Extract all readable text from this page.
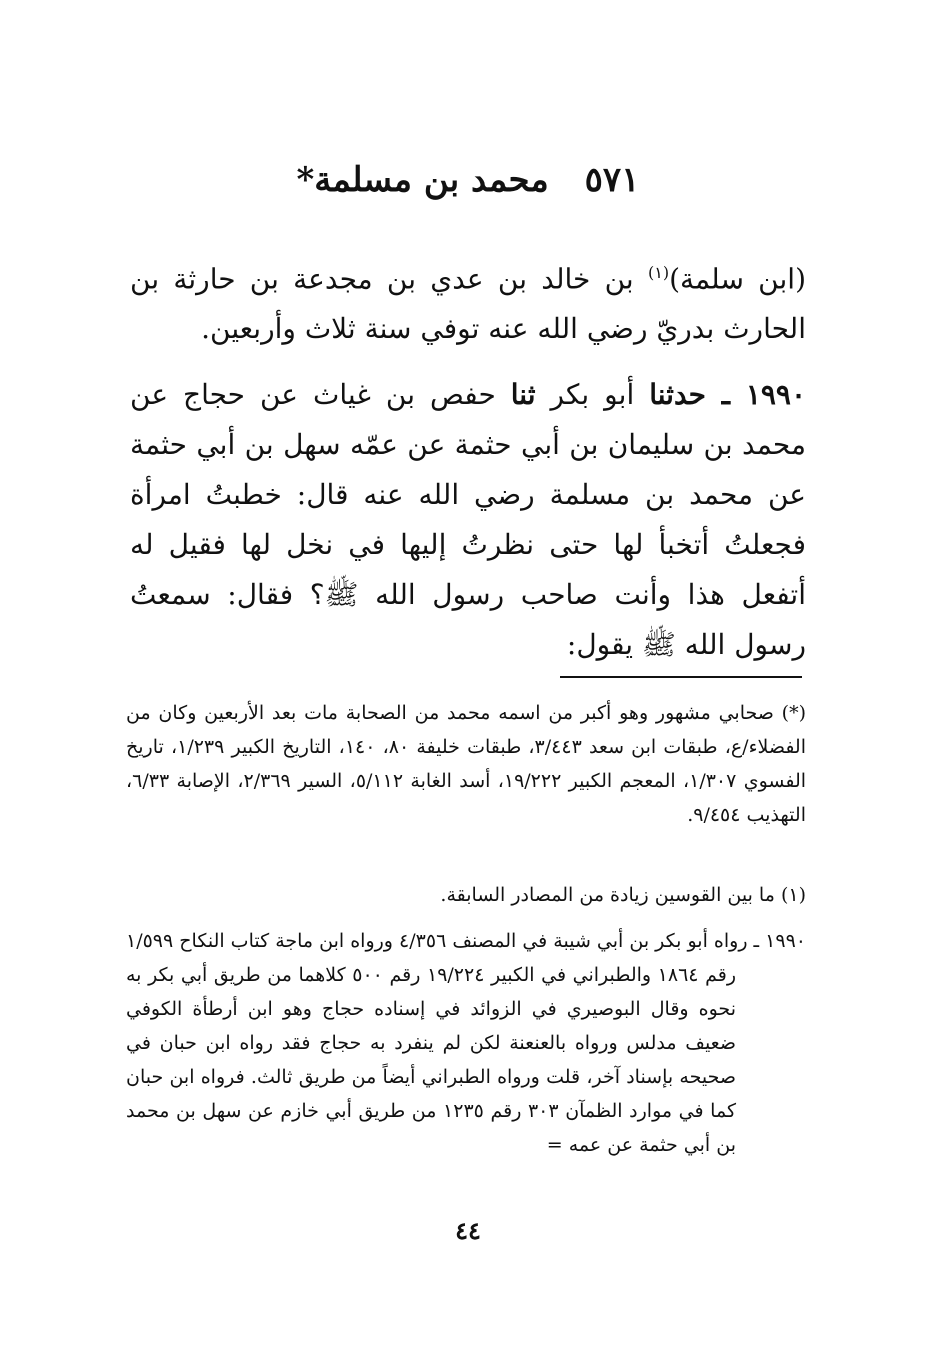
٥٧١محمد بن مسلمة*

(ابن سلمة)$^{(١)}$ بن خالد بن عدي بن مجدعة بن حارثة بن الحارث بدريّ رضي الله عنه توفي سنة ثلاث وأربعين.

١٩٩٠ ـ حدثنا أبو بكر ثنا حفص بن غياث عن حجاج عن محمد بن سليمان بن أبي حثمة عن عمّه سهل بن أبي حثمة عن محمد بن مسلمة رضي الله عنه قال: خطبتُ امرأة فجعلتُ أتخبأ لها حتى نظرتُ إليها في نخل لها فقيل له أتفعل هذا وأنت صاحب رسول الله ﷺ؟ فقال: سمعتُ رسول الله ﷺ يقول:

(*) صحابي مشهور وهو أكبر من اسمه محمد من الصحابة مات بعد الأربعين وكان من الفضلاء/ع، طبقات ابن سعد ٣/٤٤٣، طبقات خليفة ٨٠، ١٤٠، التاريخ الكبير ١/٢٣٩، تاريخ الفسوي ١/٣٠٧، المعجم الكبير ١٩/٢٢٢، أسد الغابة ٥/١١٢، السير ٢/٣٦٩، الإصابة ٦/٣٣، التهذيب ٩/٤٥٤.

(١) ما بين القوسين زيادة من المصادر السابقة.

١٩٩٠ ـ رواه أبو بكر بن أبي شيبة في المصنف ٤/٣٥٦ ورواه ابن ماجة كتاب النكاح ١/٥٩٩ رقم ١٨٦٤ والطبراني في الكبير ١٩/٢٢٤ رقم ٥٠٠ كلاهما من طريق أبي بكر به نحوه وقال البوصيري في الزوائد في إسناده حجاج وهو ابن أرطأة الكوفي ضعيف مدلس ورواه بالعنعنة لكن لم ينفرد به حجاج فقد رواه ابن حبان في صحيحه بإسناد آخر، قلت ورواه الطبراني أيضاً من طريق ثالث. فرواه ابن حبان كما في موارد الظمآن ٣٠٣ رقم ١٢٣٥ من طريق أبي خازم عن سهل بن محمد بن أبي حثمة عن عمه =

٤٤
